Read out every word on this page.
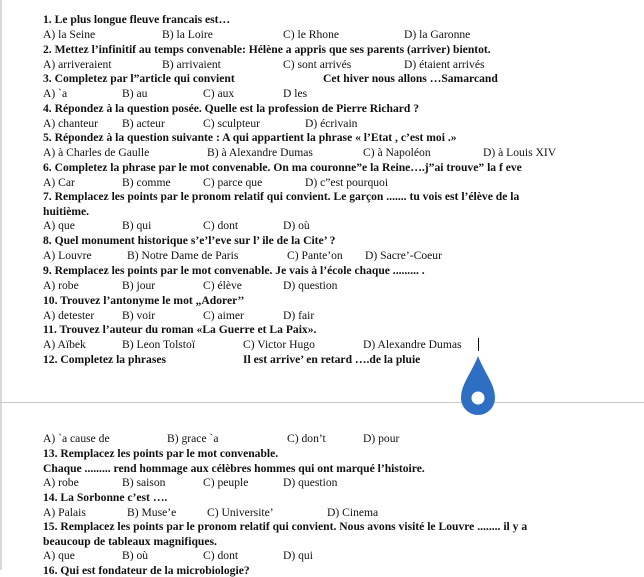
1. Le plus longue fleuve francais est…
A) la Seine	B) la Loire	C) le Rhone	D) la Garonne
2. Mettez l’infinitif au temps convenable: Hélène a appris que ses parents (arriver) bientot.
A) arriveraient	B) arrivaient	C) sont arrivés	D) étaient arrivés
3. Completez par l”article qui convient	Cet hiver nous allons …Samarcand
A) `a	B) au	C) aux	D les
4. Répondez à la question posée. Quelle est la profession de Pierre Richard ?
A) chanteur B) acteur	C) sculpteur	D) écrivain
5. Répondez à la question suivante : A qui appartient la phrase « l’Etat , c’est moi .»
A) à Charles de Gaulle	B) à Alexandre Dumas	C) à Napoléon	D) à Louis XIV
6. Completez la phrase par le mot convenable. On ma couronne”e la Reine….j”ai trouve” la f eve
A) Car	B) comme	C) parce que	D) c”est pourquoi
7. Remplacez les points par le pronom relatif qui convient. Le garçon ....... tu vois est l’élève de la
huitième.
A) que	B) qui	C) dont	D) où
8. Quel monument historique s’e’l’eve sur l’ ile de la Cite’ ?
A) Louvre	B) Notre Dame de Paris	C) Pante’on D) Sacre’-Coeur
9. Remplacez les points par le mot convenable. Je vais à l’école chaque ......... .
A) robe	B) jour	C) élève	D) question
10. Trouvez l’antonyme le mot „Adorer’’
A) detester B) voir	C) aimer	D) fair
11. Trouvez l’auteur du roman «La Guerre et La Paix».
A) Aïbek	B) Leon Tolstoï	C) Victor Hugo	D) Alexandre Dumas
12. Completez la phrases	Il est arrive’ en retard ….de la pluie
A) `a cause de	B) grace `a	C) don’t	D) pour
13. Remplacez les points par le mot convenable.
Chaque ......... rend hommage aux célèbres hommes qui ont marqué l’histoire.
A) robe	B) saison	C) peuple	D) question
14. La Sorbonne c’est ….
A) Palais	B) Muse’e	C) Universite’	D) Cinema
15. Remplacez les points par le pronom relatif qui convient. Nous avons visité le Louvre ........ il y a
beaucoup de tableaux magnifiques.
A) que	B) où	C) dont	D) qui
16. Qui est fondateur de la microbiologie?
